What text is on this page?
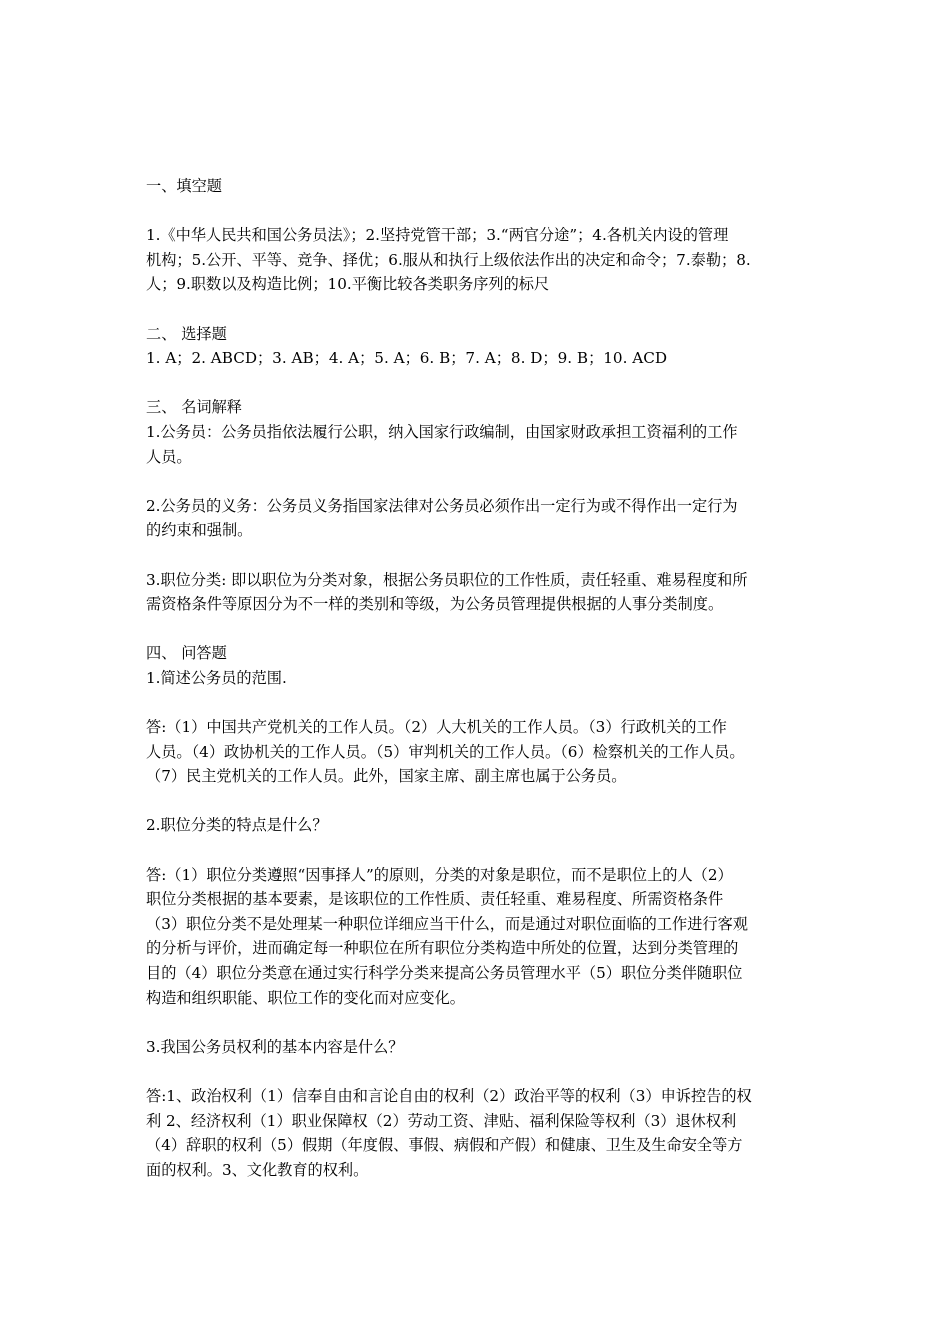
一、填空题
1.《中华人民共和国公务员法》；2.坚持党管干部；3.“两官分途”；4.各机关内设的管理
机构；5.公开、平等、竞争、择优；6.服从和执行上级依法作出的决定和命令；7.泰勒；8.
人；9.职数以及构造比例；10.平衡比较各类职务序列的标尺
二、 选择题
1. A；2. ABCD；3. AB；4. A；5. A；6. B；7. A；8. D；9. B；10. ACD
三、 名词解释
1.公务员：公务员指依法履行公职，纳入国家行政编制，由国家财政承担工资福利的工作
人员。
2.公务员的义务：公务员义务指国家法律对公务员必须作出一定行为或不得作出一定行为
的约束和强制。
3.职位分类: 即以职位为分类对象，根据公务员职位的工作性质，责任轻重、难易程度和所
需资格条件等原因分为不一样的类别和等级，为公务员管理提供根据的人事分类制度。
四、 问答题
1.简述公务员的范围.
答:（1）中国共产党机关的工作人员。（2）人大机关的工作人员。（3）行政机关的工作
人员。（4）政协机关的工作人员。（5）审判机关的工作人员。（6）检察机关的工作人员。
（7）民主党机关的工作人员。此外，国家主席、副主席也属于公务员。
2.职位分类的特点是什么？
答:（1）职位分类遵照“因事择人”的原则，分类的对象是职位，而不是职位上的人（2）
职位分类根据的基本要素，是该职位的工作性质、责任轻重、难易程度、所需资格条件
（3）职位分类不是处理某一种职位详细应当干什么，而是通过对职位面临的工作进行客观
的分析与评价，进而确定每一种职位在所有职位分类构造中所处的位置，达到分类管理的
目的（4）职位分类意在通过实行科学分类来提高公务员管理水平（5）职位分类伴随职位
构造和组织职能、职位工作的变化而对应变化。
3.我国公务员权利的基本内容是什么？
答:1、政治权利（1）信奉自由和言论自由的权利（2）政治平等的权利（3）申诉控告的权
利 2、经济权利（1）职业保障权（2）劳动工资、津贴、福利保险等权利（3）退休权利
（4）辞职的权利（5）假期（年度假、事假、病假和产假）和健康、卫生及生命安全等方
面的权利。3、文化教育的权利。
